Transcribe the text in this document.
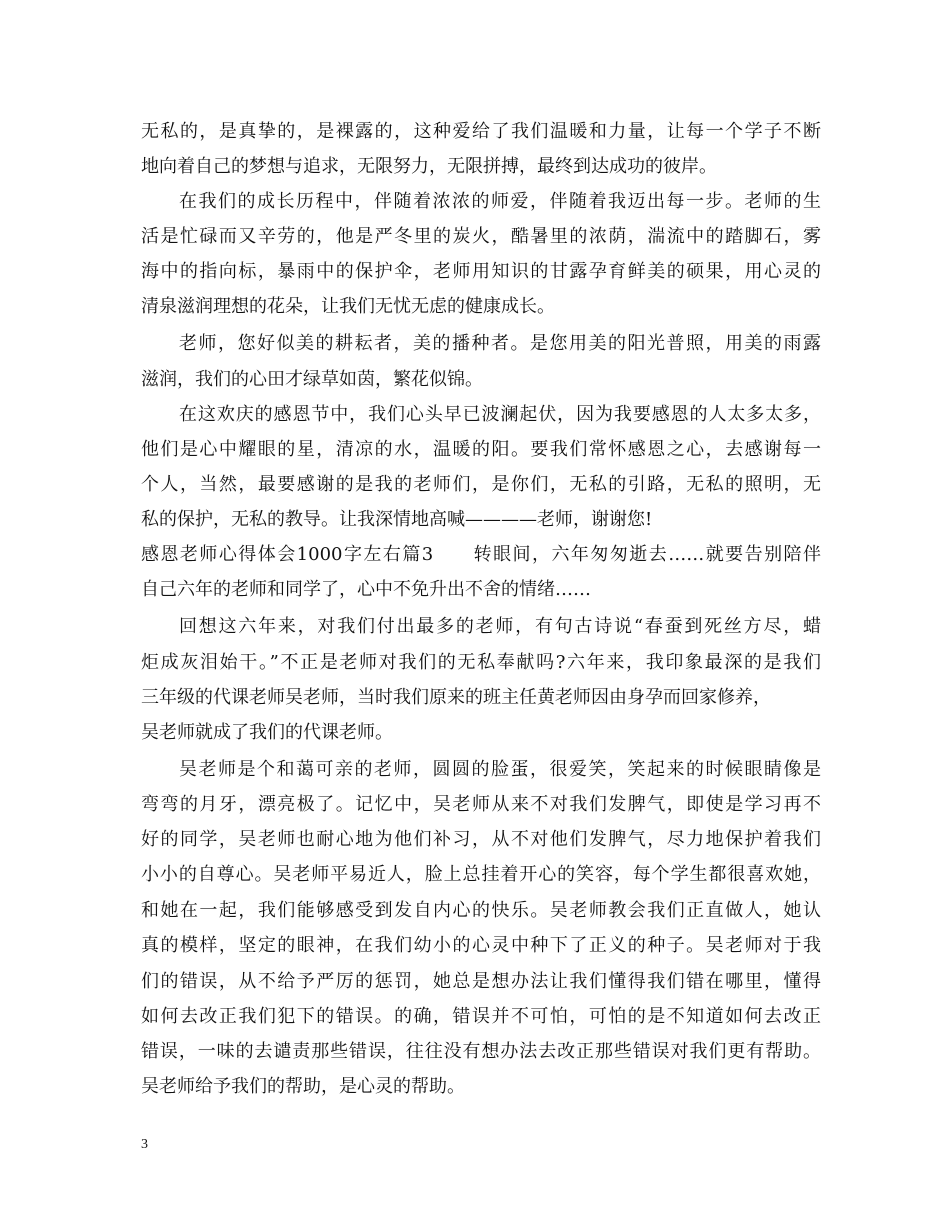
无私的，是真挚的，是裸露的，这种爱给了我们温暖和力量，让每一个学子不断
地向着自己的梦想与追求，无限努力，无限拼搏，最终到达成功的彼岸。
在我们的成长历程中，伴随着浓浓的师爱，伴随着我迈出每一步。老师的生
活是忙碌而又辛劳的，他是严冬里的炭火，酷暑里的浓荫，湍流中的踏脚石，雾
海中的指向标，暴雨中的保护伞，老师用知识的甘露孕育鲜美的硕果，用心灵的
清泉滋润理想的花朵，让我们无忧无虑的健康成长。
老师，您好似美的耕耘者，美的播种者。是您用美的阳光普照，用美的雨露
滋润，我们的心田才绿草如茵，繁花似锦。
在这欢庆的感恩节中，我们心头早已波澜起伏，因为我要感恩的人太多太多，
他们是心中耀眼的星，清凉的水，温暖的阳。要我们常怀感恩之心，去感谢每一
个人，当然，最要感谢的是我的老师们，是你们，无私的引路，无私的照明，无
私的保护，无私的教导。让我深情地高喊————老师，谢谢您!
感恩老师心得体会1000字左右篇3　　转眼间，六年匆匆逝去……就要告别陪伴
自己六年的老师和同学了，心中不免升出不舍的情绪……
回想这六年来，对我们付出最多的老师，有句古诗说“春蚕到死丝方尽，蜡
炬成灰泪始干。”不正是老师对我们的无私奉献吗?六年来，我印象最深的是我们
三年级的代课老师吴老师，当时我们原来的班主任黄老师因由身孕而回家修养，
吴老师就成了我们的代课老师。
吴老师是个和蔼可亲的老师，圆圆的脸蛋，很爱笑，笑起来的时候眼睛像是
弯弯的月牙，漂亮极了。记忆中，吴老师从来不对我们发脾气，即使是学习再不
好的同学，吴老师也耐心地为他们补习，从不对他们发脾气，尽力地保护着我们
小小的自尊心。吴老师平易近人，脸上总挂着开心的笑容，每个学生都很喜欢她，
和她在一起，我们能够感受到发自内心的快乐。吴老师教会我们正直做人，她认
真的模样，坚定的眼神，在我们幼小的心灵中种下了正义的种子。吴老师对于我
们的错误，从不给予严厉的惩罚，她总是想办法让我们懂得我们错在哪里，懂得
如何去改正我们犯下的错误。的确，错误并不可怕，可怕的是不知道如何去改正
错误，一味的去谴责那些错误，往往没有想办法去改正那些错误对我们更有帮助。
吴老师给予我们的帮助，是心灵的帮助。
3
